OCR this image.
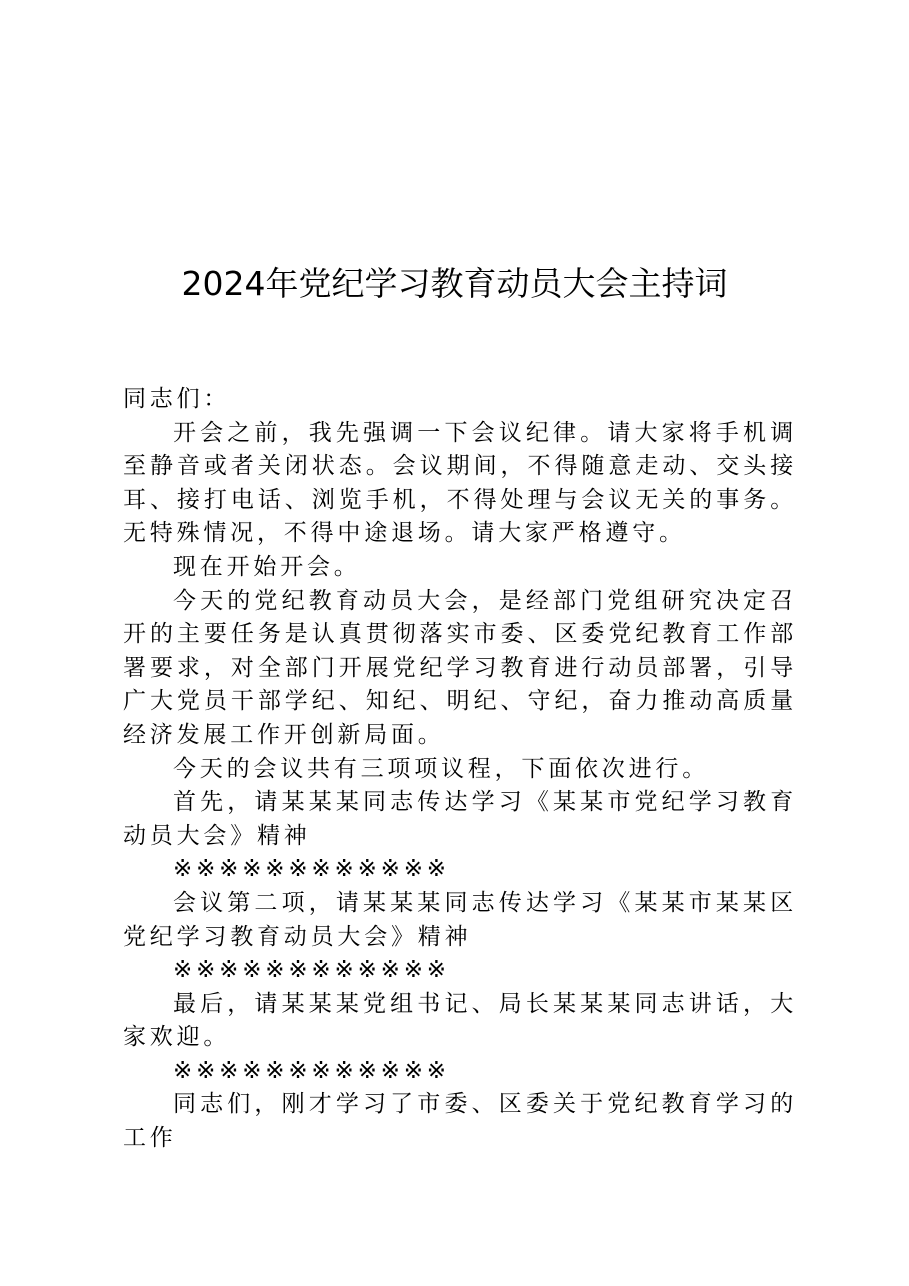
2024年党纪学习教育动员大会主持词

同志们：

开会之前，我先强调一下会议纪律。请大家将手机调至静音或者关闭状态。会议期间，不得随意走动、交头接耳、接打电话、浏览手机，不得处理与会议无关的事务。无特殊情况，不得中途退场。请大家严格遵守。

现在开始开会。

今天的党纪教育动员大会，是经部门党组研究决定召开的主要任务是认真贯彻落实市委、区委党纪教育工作部署要求，对全部门开展党纪学习教育进行动员部署，引导广大党员干部学纪、知纪、明纪、守纪，奋力推动高质量经济发展工作开创新局面。

今天的会议共有三项项议程，下面依次进行。

首先，请某某某同志传达学习《某某市党纪学习教育动员大会》精神

※※※※※※※※※※※※

会议第二项，请某某某同志传达学习《某某市某某区党纪学习教育动员大会》精神

※※※※※※※※※※※※

最后，请某某某党组书记、局长某某某同志讲话，大家欢迎。

※※※※※※※※※※※※

同志们，刚才学习了市委、区委关于党纪教育学习的工作
